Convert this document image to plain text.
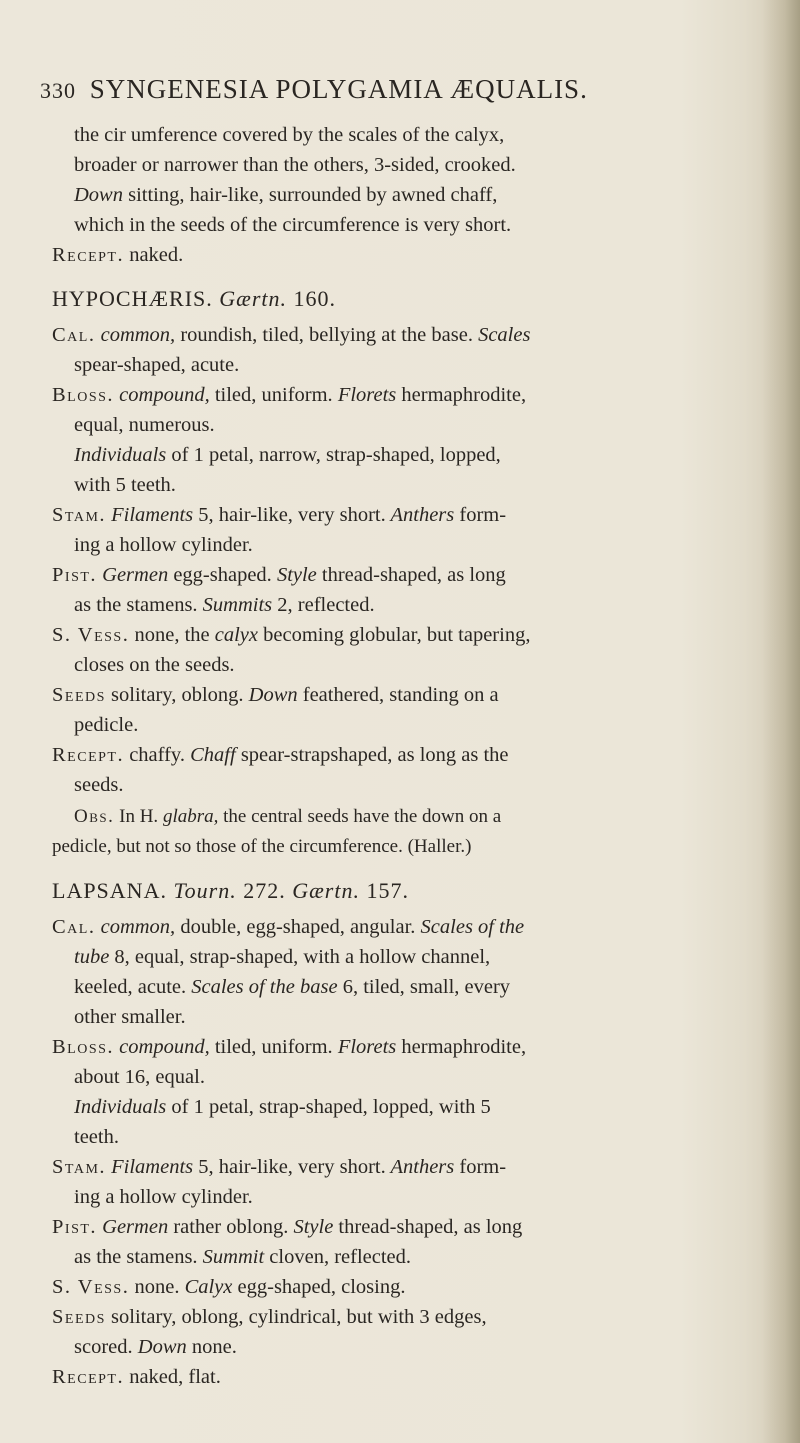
330 SYNGENESIA POLYGAMIA ÆQUALIS.

the cir umference covered by the scales of the calyx,

broader or narrower than the others, 3-sided, crooked.

Down sitting, hair-like, surrounded by awned chaff,

which in the seeds of the circumference is very short.

Recept. naked.

HYPOCHÆRIS. Gærtn. 160.

Cal. common, roundish, tiled, bellying at the base. Scales

spear-shaped, acute.

Bloss. compound, tiled, uniform. Florets hermaphrodite,

equal, numerous.

Individuals of 1 petal, narrow, strap-shaped, lopped,

with 5 teeth.

Stam. Filaments 5, hair-like, very short. Anthers form-

ing a hollow cylinder.

Pist. Germen egg-shaped. Style thread-shaped, as long

as the stamens. Summits 2, reflected.

S. Vess. none, the calyx becoming globular, but tapering,

closes on the seeds.

Seeds solitary, oblong. Down feathered, standing on a

pedicle.

Recept. chaffy. Chaff spear-strapshaped, as long as the

seeds.

Obs. In H. glabra, the central seeds have the down on a

pedicle, but not so those of the circumference. (Haller.)

LAPSANA. Tourn. 272. Gærtn. 157.

Cal. common, double, egg-shaped, angular. Scales of the

tube 8, equal, strap-shaped, with a hollow channel,

keeled, acute. Scales of the base 6, tiled, small, every

other smaller.

Bloss. compound, tiled, uniform. Florets hermaphrodite,

about 16, equal.

Individuals of 1 petal, strap-shaped, lopped, with 5

teeth.

Stam. Filaments 5, hair-like, very short. Anthers form-

ing a hollow cylinder.

Pist. Germen rather oblong. Style thread-shaped, as long

as the stamens. Summit cloven, reflected.

S. Vess. none. Calyx egg-shaped, closing.

Seeds solitary, oblong, cylindrical, but with 3 edges,

scored. Down none.

Recept. naked, flat.
